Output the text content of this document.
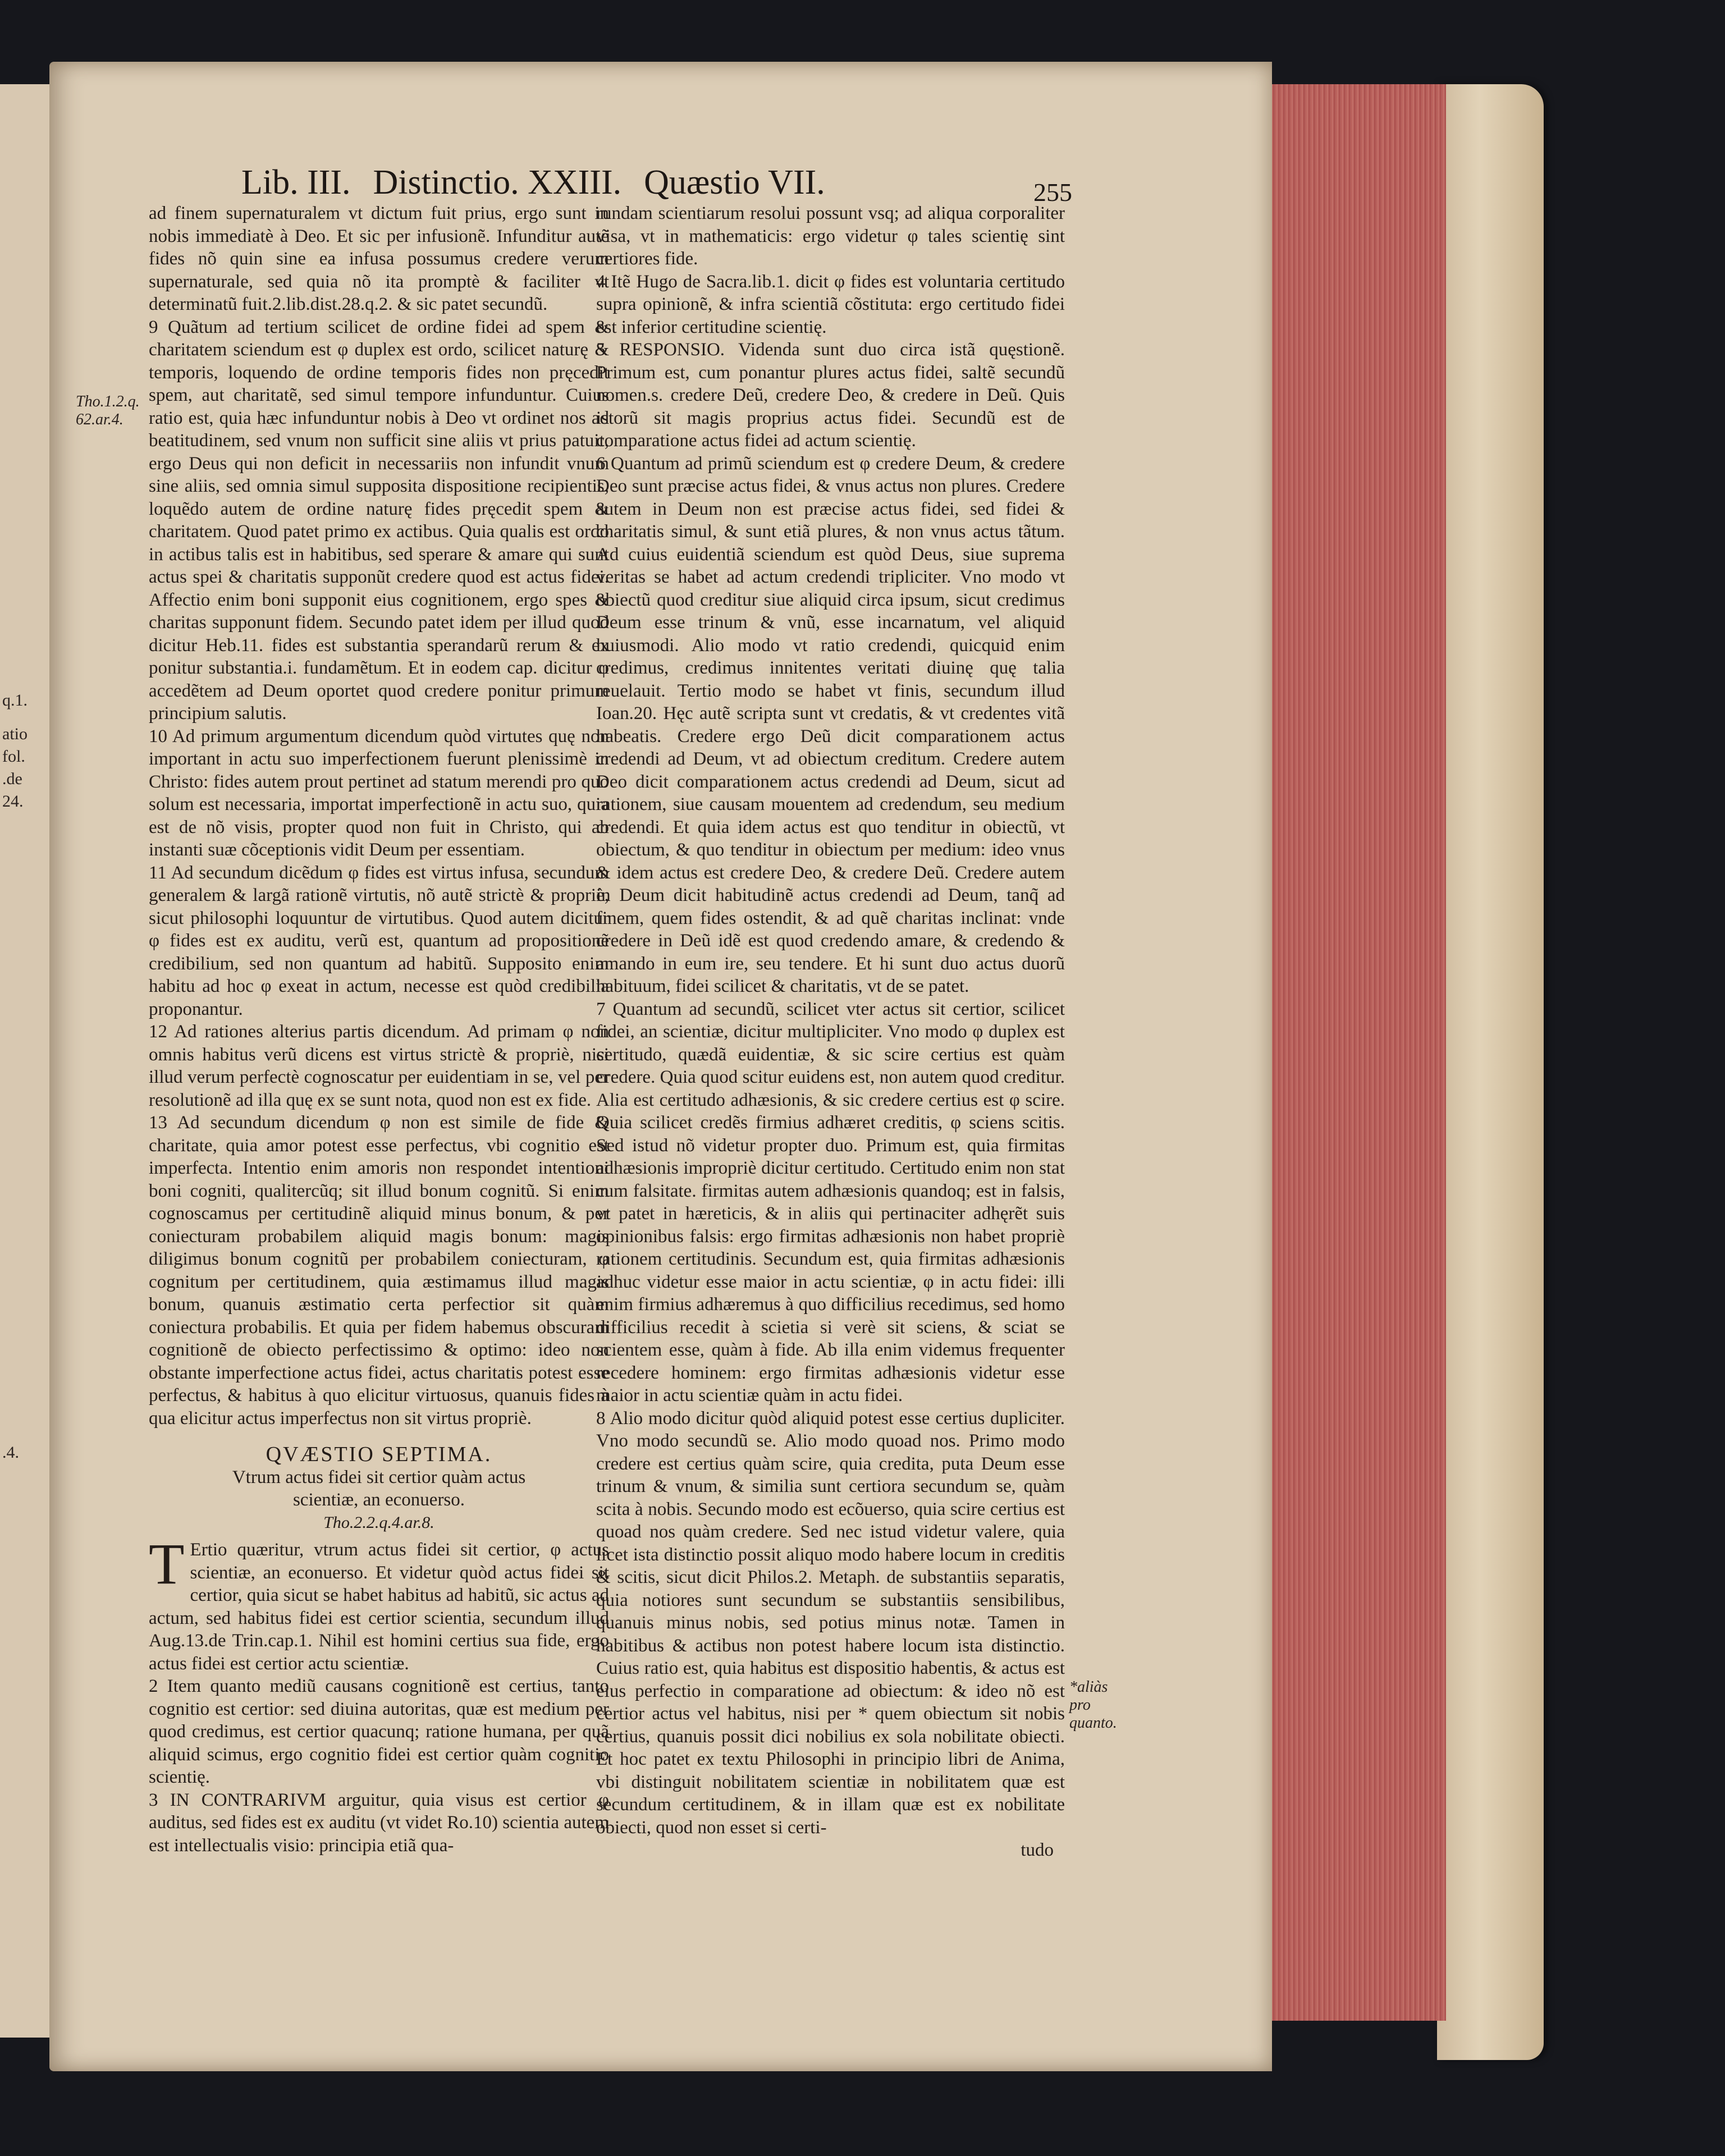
q.1.
atio
fol.
.de
24.
.4.
Lib. III. Distinctio. XXIII. Quæstio VII.	255
Tho.1.2.q. 62.ar.4.
*aliàs pro quanto.

ad finem supernaturalem vt dictum fuit prius, ergo sunt in nobis immediatè à Deo. Et sic per infusionẽ. Infunditur autẽ fides nõ quin sine ea infusa possumus credere verum supernaturale, sed quia nõ ita promptè & faciliter vt determinatũ fuit.2.lib.dist.28.q.2. & sic patet secundũ.

9 Quãtum ad tertium scilicet de ordine fidei ad spem & charitatem sciendum est φ duplex est ordo, scilicet naturę & temporis, loquendo de ordine temporis fides non pręcedit spem, aut charitatẽ, sed simul tempore infunduntur. Cuius ratio est, quia hæc infunduntur nobis à Deo vt ordinet nos ad beatitudinem, sed vnum non sufficit sine aliis vt prius patuit, ergo Deus qui non deficit in necessariis non infundit vnum sine aliis, sed omnia simul supposita dispositione recipientis, loquẽdo autem de ordine naturę fides pręcedit spem & charitatem. Quod patet primo ex actibus. Quia qualis est ordo in actibus talis est in habitibus, sed sperare & amare qui sunt actus spei & charitatis supponũt credere quod est actus fidei. Affectio enim boni supponit eius cognitionem, ergo spes & charitas supponunt fidem. Secundo patet idem per illud quod dicitur Heb.11. fides est substantia sperandarũ rerum & ex ponitur substantia.i. fundamẽtum. Et in eodem cap. dicitur φ accedẽtem ad Deum oportet quod credere ponitur primum principium salutis.

10 Ad primum argumentum dicendum quòd virtutes quę non important in actu suo imperfectionem fuerunt plenissimè in Christo: fides autem prout pertinet ad statum merendi pro quo solum est necessaria, importat imperfectionẽ in actu suo, quia est de nõ visis, propter quod non fuit in Christo, qui ab instanti suæ cõceptionis vidit Deum per essentiam.

11 Ad secundum dicẽdum φ fides est virtus infusa, secundum generalem & largã rationẽ virtutis, nõ autẽ strictè & propriè, sicut philosophi loquuntur de virtutibus. Quod autem dicitur φ fides est ex auditu, verũ est, quantum ad propositionẽ credibilium, sed non quantum ad habitũ. Supposito enim habitu ad hoc φ exeat in actum, necesse est quòd credibilia proponantur.

12 Ad rationes alterius partis dicendum. Ad primam φ non omnis habitus verũ dicens est virtus strictè & propriè, nisi illud verum perfectè cognoscatur per euidentiam in se, vel per resolutionẽ ad illa quę ex se sunt nota, quod non est ex fide.

13 Ad secundum dicendum φ non est simile de fide & charitate, quia amor potest esse perfectus, vbi cognitio est imperfecta. Intentio enim amoris non respondet intentioni boni cogniti, qualitercũq; sit illud bonum cognitũ. Si enim cognoscamus per certitudinẽ aliquid minus bonum, & per coniecturam probabilem aliquid magis bonum: magis diligimus bonum cognitũ per probabilem coniecturam, φ cognitum per certitudinem, quia æstimamus illud magis bonum, quanuis æstimatio certa perfectior sit quàm coniectura probabilis. Et quia per fidem habemus obscuram cognitionẽ de obiecto perfectissimo & optimo: ideo non obstante imperfectione actus fidei, actus charitatis potest esse perfectus, & habitus à quo elicitur virtuosus, quanuis fides à qua elicitur actus imperfectus non sit virtus propriè.

QVÆSTIO SEPTIMA.

Vtrum actus fidei sit certior quàm actus

scientiæ, an econuerso.

Tho.2.2.q.4.ar.8.

T Ertio quæritur, vtrum actus fidei sit certior, φ actus scientiæ, an econuerso. Et videtur quòd actus fidei sit certior, quia sicut se habet habitus ad habitũ, sic actus ad actum, sed habitus fidei est certior scientia, secundum illud Aug.13.de Trin.cap.1. Nihil est homini certius sua fide, ergo actus fidei est certior actu scientiæ.

2 Item quanto mediũ causans cognitionẽ est certius, tanto cognitio est certior: sed diuina autoritas, quæ est medium per quod credimus, est certior quacunq; ratione humana, per quã aliquid scimus, ergo cognitio fidei est certior quàm cognitio scientię.

3 IN CONTRARIVM arguitur, quia visus est certior φ auditus, sed fides est ex auditu (vt videt Ro.10) scientia autem est intellectualis visio: principia etiã qua-

rundam scientiarum resolui possunt vsq; ad aliqua corporaliter visa, vt in mathematicis: ergo videtur φ tales scientię sint certiores fide.

4 Itẽ Hugo de Sacra.lib.1. dicit φ fides est voluntaria certitudo supra opinionẽ, & infra scientiã cõstituta: ergo certitudo fidei est inferior certitudine scientię.

5 RESPONSIO. Videnda sunt duo circa istã quęstionẽ. Primum est, cum ponantur plures actus fidei, saltẽ secundũ nomen.s. credere Deũ, credere Deo, & credere in Deũ. Quis istorũ sit magis proprius actus fidei. Secundũ est de comparatione actus fidei ad actum scientię.

6 Quantum ad primũ sciendum est φ credere Deum, & credere Deo sunt præcise actus fidei, & vnus actus non plures. Credere autem in Deum non est præcise actus fidei, sed fidei & charitatis simul, & sunt etiã plures, & non vnus actus tãtum. Ad cuius euidentiã sciendum est quòd Deus, siue suprema veritas se habet ad actum credendi tripliciter. Vno modo vt obiectũ quod creditur siue aliquid circa ipsum, sicut credimus Deum esse trinum & vnũ, esse incarnatum, vel aliquid huiusmodi. Alio modo vt ratio credendi, quicquid enim credimus, credimus innitentes veritati diuinę quę talia reuelauit. Tertio modo se habet vt finis, secundum illud Ioan.20. Hęc autẽ scripta sunt vt credatis, & vt credentes vitã habeatis. Credere ergo Deũ dicit comparationem actus credendi ad Deum, vt ad obiectum creditum. Credere autem Deo dicit comparationem actus credendi ad Deum, sicut ad rationem, siue causam mouentem ad credendum, seu medium credendi. Et quia idem actus est quo tenditur in obiectũ, vt obiectum, & quo tenditur in obiectum per medium: ideo vnus & idem actus est credere Deo, & credere Deũ. Credere autem in Deum dicit habitudinẽ actus credendi ad Deum, tanq̃ ad finem, quem fides ostendit, & ad quẽ charitas inclinat: vnde credere in Deũ idẽ est quod credendo amare, & credendo & amando in eum ire, seu tendere. Et hi sunt duo actus duorũ habituum, fidei scilicet & charitatis, vt de se patet.

7 Quantum ad secundũ, scilicet vter actus sit certior, scilicet fidei, an scientiæ, dicitur multipliciter. Vno modo φ duplex est certitudo, quædã euidentiæ, & sic scire certius est quàm credere. Quia quod scitur euidens est, non autem quod creditur. Alia est certitudo adhæsionis, & sic credere certius est φ scire. Quia scilicet credẽs firmius adhæret creditis, φ sciens scitis. Sed istud nõ videtur propter duo. Primum est, quia firmitas adhæsionis impropriè dicitur certitudo. Certitudo enim non stat cum falsitate. firmitas autem adhæsionis quandoq; est in falsis, vt patet in hæreticis, & in aliis qui pertinaciter adhęrẽt suis opinionibus falsis: ergo firmitas adhæsionis non habet propriè rationem certitudinis. Secundum est, quia firmitas adhæsionis adhuc videtur esse maior in actu scientiæ, φ in actu fidei: illi enim firmius adhæremus à quo difficilius recedimus, sed homo difficilius recedit à scietia si verè sit sciens, & sciat se scientem esse, quàm à fide. Ab illa enim videmus frequenter recedere hominem: ergo firmitas adhæsionis videtur esse maior in actu scientiæ quàm in actu fidei.

8 Alio modo dicitur quòd aliquid potest esse certius dupliciter. Vno modo secundũ se. Alio modo quoad nos. Primo modo credere est certius quàm scire, quia credita, puta Deum esse trinum & vnum, & similia sunt certiora secundum se, quàm scita à nobis. Secundo modo est ecõuerso, quia scire certius est quoad nos quàm credere. Sed nec istud videtur valere, quia licet ista distinctio possit aliquo modo habere locum in creditis & scitis, sicut dicit Philos.2. Metaph. de substantiis separatis, quia notiores sunt secundum se substantiis sensibilibus, quanuis minus nobis, sed potius minus notæ. Tamen in habitibus & actibus non potest habere locum ista distinctio. Cuius ratio est, quia habitus est dispositio habentis, & actus est eius perfectio in comparatione ad obiectum: & ideo nõ est certior actus vel habitus, nisi per * quem obiectum sit nobis certius, quanuis possit dici nobilius ex sola nobilitate obiecti. Et hoc patet ex textu Philosophi in principio libri de Anima, vbi distinguit nobilitatem scientiæ in nobilitatem quæ est secundum certitudinem, & in illam quæ est ex nobilitate obiecti, quod non esset si certi-

tudo
